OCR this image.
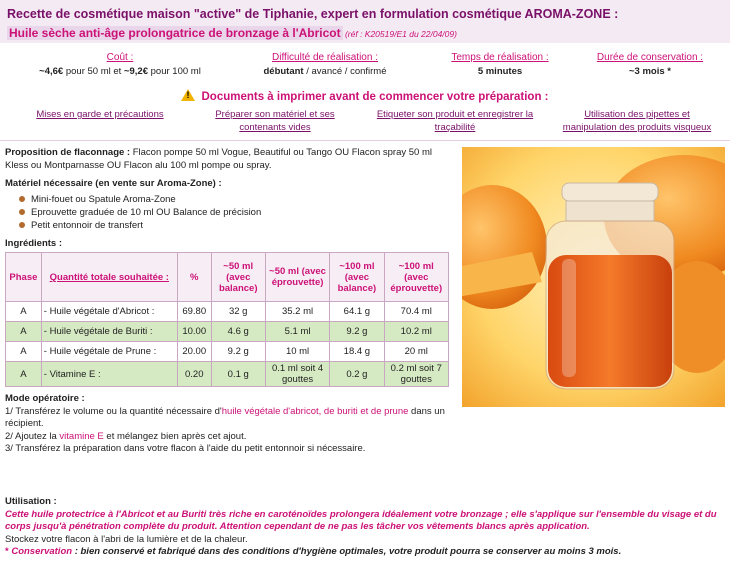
Recette de cosmétique maison "active" de Tiphanie, expert en formulation cosmétique AROMA-ZONE :
Huile sèche anti-âge prolongatrice de bronzage à l'Abricot (réf : K20519/E1 du 22/04/09)
Coût :
~4,6€ pour 50 ml et ~9,2€ pour 100 ml
Difficulté de réalisation :
débutant / avancé / confirmé
Temps de réalisation :
5 minutes
Durée de conservation :
~3 mois *
!Documents à imprimer avant de commencer votre préparation :
Mises en garde et précautions	Préparer son matériel et ses
contenants vides
Etiqueter son produit et enregistrer la
traçabilité
Utilisation des pipettes et
manipulation des produits visqueux
Proposition de flaconnage : Flacon pompe 50 ml Vogue, Beautiful ou Tango OU Flacon spray 50 ml Kless ou Montparnasse OU Flacon alu 100 ml pompe ou spray.
Matériel nécessaire (en vente sur Aroma-Zone) :
Mini-fouet ou Spatule Aroma-Zone
Eprouvette graduée de 10 ml OU Balance de précision
Petit entonnoir de transfert
Ingrédients :
Phase	Quantité totale souhaitée :	%	~50 ml (avec balance)	~50 ml (avec éprouvette)	~100 ml (avec balance)	~100 ml (avec éprouvette)
A	- Huile végétale d'Abricot :	69.80	32 g	35.2 ml	64.1 g	70.4 ml
A	- Huile végétale de Buriti :	10.00	4.6 g	5.1 ml	9.2 g	10.2 ml
A	- Huile végétale de Prune :	20.00	9.2 g	10 ml	18.4 g	20 ml
A	- Vitamine E :	0.20	0.1 g	0.1 ml soit 4 gouttes	0.2 g	0.2 ml soit 7 gouttes
Mode opératoire :
1/ Transférez le volume ou la quantité nécessaire d'huile végétale d'abricot, de buriti et de prune dans un récipient.
2/ Ajoutez la vitamine E et mélangez bien après cet ajout.
3/ Transférez la préparation dans votre flacon à l'aide du petit entonnoir si nécessaire.
Utilisation :
Cette huile protectrice à l'Abricot et au Buriti très riche en caroténoïdes prolongera idéalement votre bronzage ; elle s'applique sur l'ensemble du visage et du corps jusqu'à pénétration complète du produit. Attention cependant de ne pas les tâcher vos vêtements blancs après application.
Stockez votre flacon à l'abri de la lumière et de la chaleur.
* Conservation : bien conservé et fabriqué dans des conditions d'hygiène optimales, votre produit pourra se conserver au moins 3 mois.
